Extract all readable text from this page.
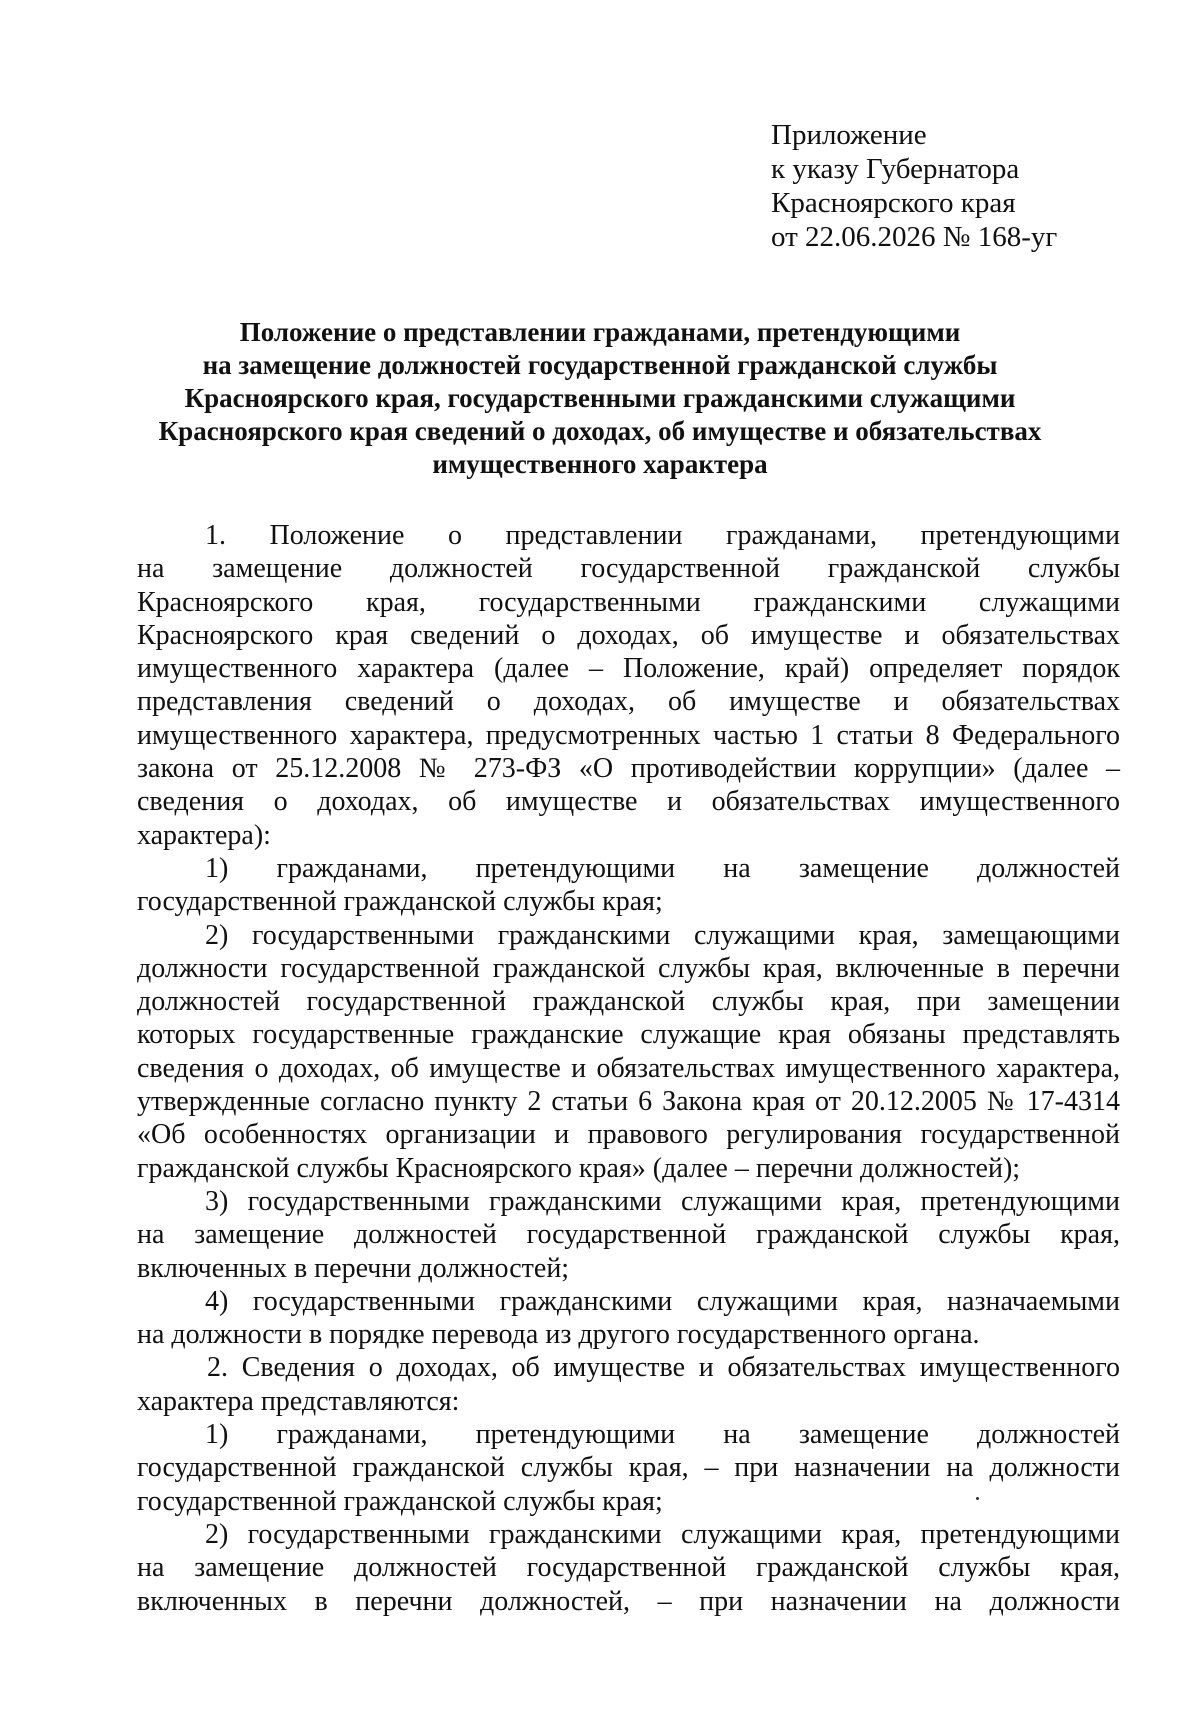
Приложение
к указу Губернатора
Красноярского края
от 22.06.2026 № 168-уг
Положение о представлении гражданами, претендующими
на замещение должностей государственной гражданской службы
Красноярского края, государственными гражданскими служащими
Красноярского края сведений о доходах, об имуществе и обязательствах
имущественного характера
1. Положение о представлении гражданами, претендующими
на замещение должностей государственной гражданской службы
Красноярского края, государственными гражданскими служащими
Красноярского края сведений о доходах, об имуществе и обязательствах
имущественного характера (далее – Положение, край) определяет порядок
представления сведений о доходах, об имуществе и обязательствах
имущественного характера, предусмотренных частью 1 статьи 8 Федерального
закона от 25.12.2008 № 273-ФЗ «О противодействии коррупции» (далее –
сведения о доходах, об имуществе и обязательствах имущественного
характера):
1) гражданами, претендующими на замещение должностей
государственной гражданской службы края;
2) государственными гражданскими служащими края, замещающими
должности государственной гражданской службы края, включенные в перечни
должностей государственной гражданской службы края, при замещении
которых государственные гражданские служащие края обязаны представлять
сведения о доходах, об имуществе и обязательствах имущественного характера,
утвержденные согласно пункту 2 статьи 6 Закона края от 20.12.2005 № 17-4314
«Об особенностях организации и правового регулирования государственной
гражданской службы Красноярского края» (далее – перечни должностей);
3) государственными гражданскими служащими края, претендующими
на замещение должностей государственной гражданской службы края,
включенных в перечни должностей;
4) государственными гражданскими служащими края, назначаемыми
на должности в порядке перевода из другого государственного органа.
2. Сведения о доходах, об имуществе и обязательствах имущественного
характера представляются:
1) гражданами, претендующими на замещение должностей
государственной гражданской службы края, – при назначении на должности
государственной гражданской службы края;
2) государственными гражданскими служащими края, претендующими
на замещение должностей государственной гражданской службы края,
включенных в перечни должностей, – при назначении на должности
